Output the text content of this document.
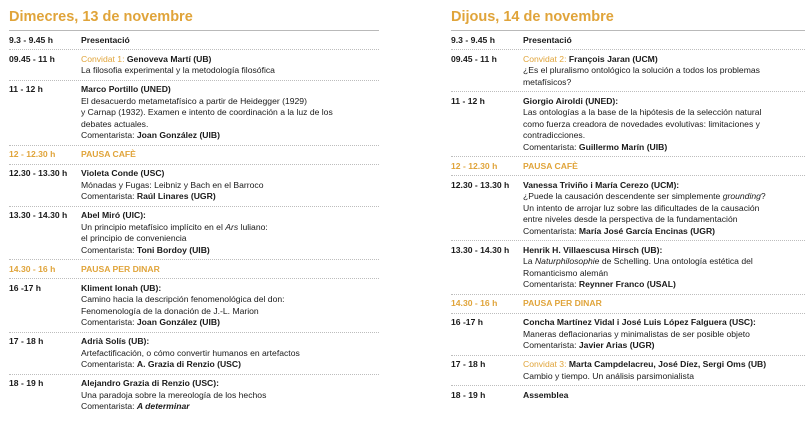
Dimecres, 13 de novembre
9.3 - 9.45 h	Presentació
09.45 - 11 h	Convidat 1: Genoveva Martí (UB)
La filosofia experimental y la metodología filosófica
11 - 12 h	Marco Portillo (UNED)
El desacuerdo metametafísico a partir de Heidegger (1929)
y Carnap (1932). Examen e intento de coordinación a la luz de los
debates actuales.
Comentarista: Joan González (UIB)
12 - 12.30 h	PAUSA CAFÈ
12.30 - 13.30 h	Violeta Conde (USC)
Mónadas y Fugas: Leibniz y Bach en el Barroco
Comentarista: Raúl Linares (UGR)
13.30 - 14.30 h	Abel Miró (UIC):
Un principio metafísico implícito en el Ars luliano:
el principio de conveniencia
Comentarista: Toni Bordoy (UIB)
14.30 - 16 h	PAUSA PER DINAR
16 -17 h	Kliment Ionah (UB):
Camino hacia la descripción fenomenológica del don:
Fenomenología de la donación de J.-L. Marion
Comentarista: Joan González (UIB)
17 - 18 h	Adrià Solís (UB):
Artefactificación, o cómo convertir humanos en artefactos
Comentarista: A. Grazia di Renzio (USC)
18 - 19 h	Alejandro Grazia di Renzio (USC):
Una paradoja sobre la mereología de los hechos
Comentarista: A determinar
Dijous, 14 de novembre
9.3 - 9.45 h	Presentació
09.45 - 11 h	Convidat 2: François Jaran (UCM)
¿Es el pluralismo ontológico la solución a todos los problemas
metafísicos?
11 - 12 h	Giorgio Airoldi (UNED):
Las ontologías a la base de la hipótesis de la selección natural
como fuerza creadora de novedades evolutivas: limitaciones y
contradicciones.
Comentarista: Guillermo Marín (UIB)
12 - 12.30 h	PAUSA CAFÈ
12.30 - 13.30 h	Vanessa Triviño i María Cerezo (UCM):
¿Puede la causación descendente ser simplemente grounding?
Un intento de arrojar luz sobre las dificultades de la causación
entre niveles desde la perspectiva de la fundamentación
Comentarista: María José García Encinas (UGR)
13.30 - 14.30 h	Henrik H. Villaescusa Hirsch (UB):
La Naturphilosophie de Schelling. Una ontología estética del
Romanticismo alemán
Comentarista: Reynner Franco (USAL)
14.30 - 16 h	PAUSA PER DINAR
16 -17 h	Concha Martínez Vidal i José Luis López Falguera (USC):
Maneras deflacionarias y minimalistas de ser posible objeto
Comentarista: Javier Arias (UGR)
17 - 18 h	Convidat 3: Marta Campdelacreu, José Díez, Sergi Oms (UB)
Cambio y tiempo. Un análisis parsimonialista
18 - 19 h	Assemblea
